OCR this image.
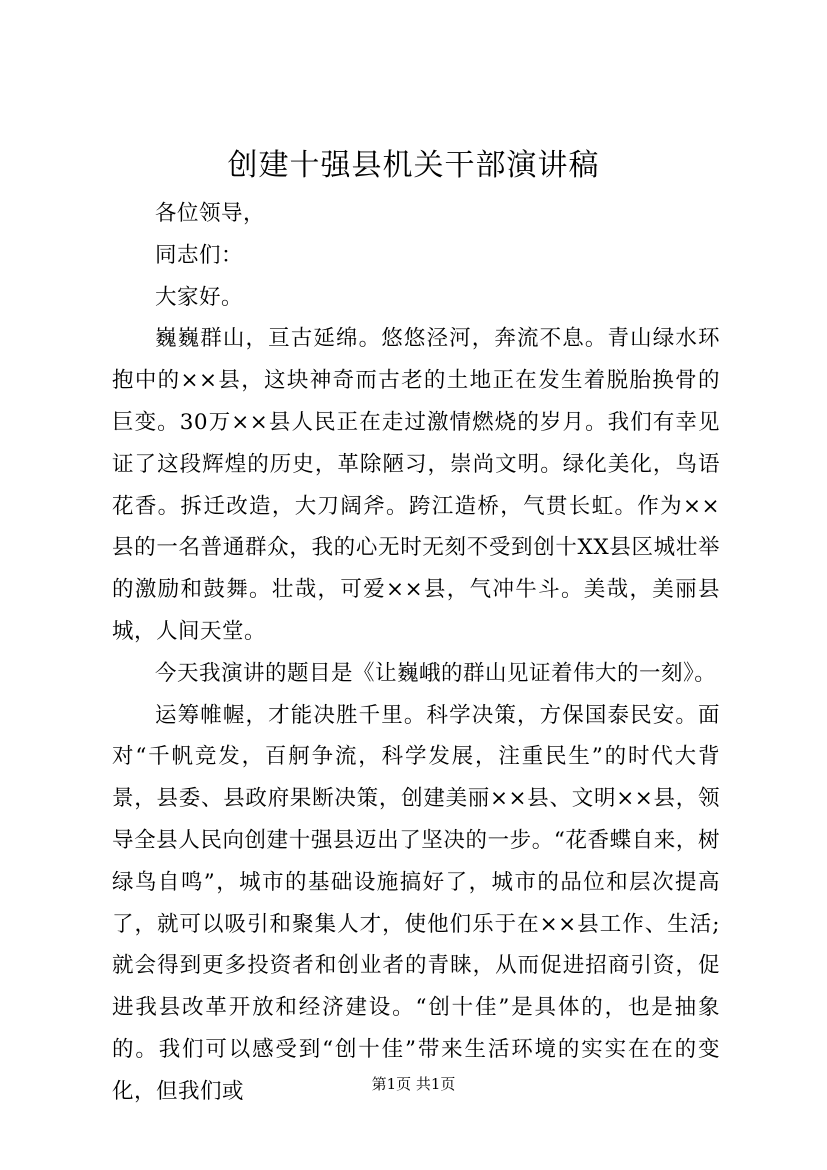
创建十强县机关干部演讲稿

各位领导，

同志们：

大家好。

巍巍群山，亘古延绵。悠悠泾河，奔流不息。青山绿水环抱中的××县，这块神奇而古老的土地正在发生着脱胎换骨的巨变。30万××县人民正在走过激情燃烧的岁月。我们有幸见证了这段辉煌的历史，革除陋习，崇尚文明。绿化美化，鸟语花香。拆迁改造，大刀阔斧。跨江造桥，气贯长虹。作为××县的一名普通群众，我的心无时无刻不受到创十XX县区城壮举的激励和鼓舞。壮哉，可爱××县，气冲牛斗。美哉，美丽县城，人间天堂。

今天我演讲的题目是《让巍峨的群山见证着伟大的一刻》。

运筹帷幄，才能决胜千里。科学决策，方保国泰民安。面对“千帆竞发，百舸争流，科学发展，注重民生”的时代大背景，县委、县政府果断决策，创建美丽××县、文明××县，领导全县人民向创建十强县迈出了坚决的一步。“花香蝶自来，树绿鸟自鸣”，城市的基础设施搞好了，城市的品位和层次提高了，就可以吸引和聚集人才，使他们乐于在××县工作、生活;就会得到更多投资者和创业者的青睐，从而促进招商引资，促进我县改革开放和经济建设。“创十佳”是具体的，也是抽象的。我们可以感受到“创十佳”带来生活环境的实实在在的变化，但我们或	第1页 共1页
